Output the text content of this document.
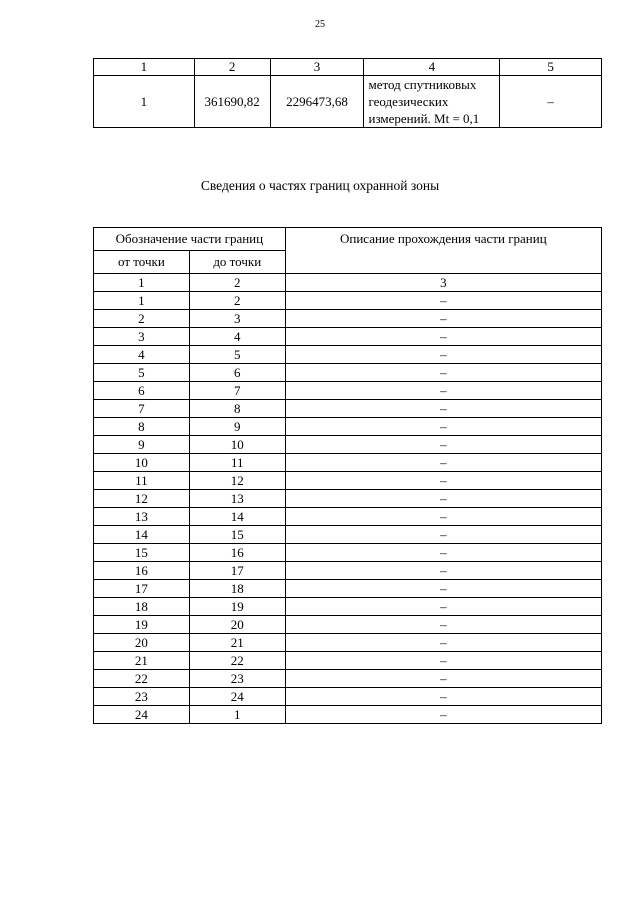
25
1	2	3	4	5
1	361690,82	2296473,68	метод спутниковых
геодезических
измерений. Mt = 0,1	–
Сведения о частях границ охранной зоны
Обозначение части границ		Описание прохождения части границ
от точки	до точки	
1	2	3
1	2	–
2	3	–
3	4	–
4	5	–
5	6	–
6	7	–
7	8	–
8	9	–
9	10	–
10	11	–
11	12	–
12	13	–
13	14	–
14	15	–
15	16	–
16	17	–
17	18	–
18	19	–
19	20	–
20	21	–
21	22	–
22	23	–
23	24	–
24	1	–
